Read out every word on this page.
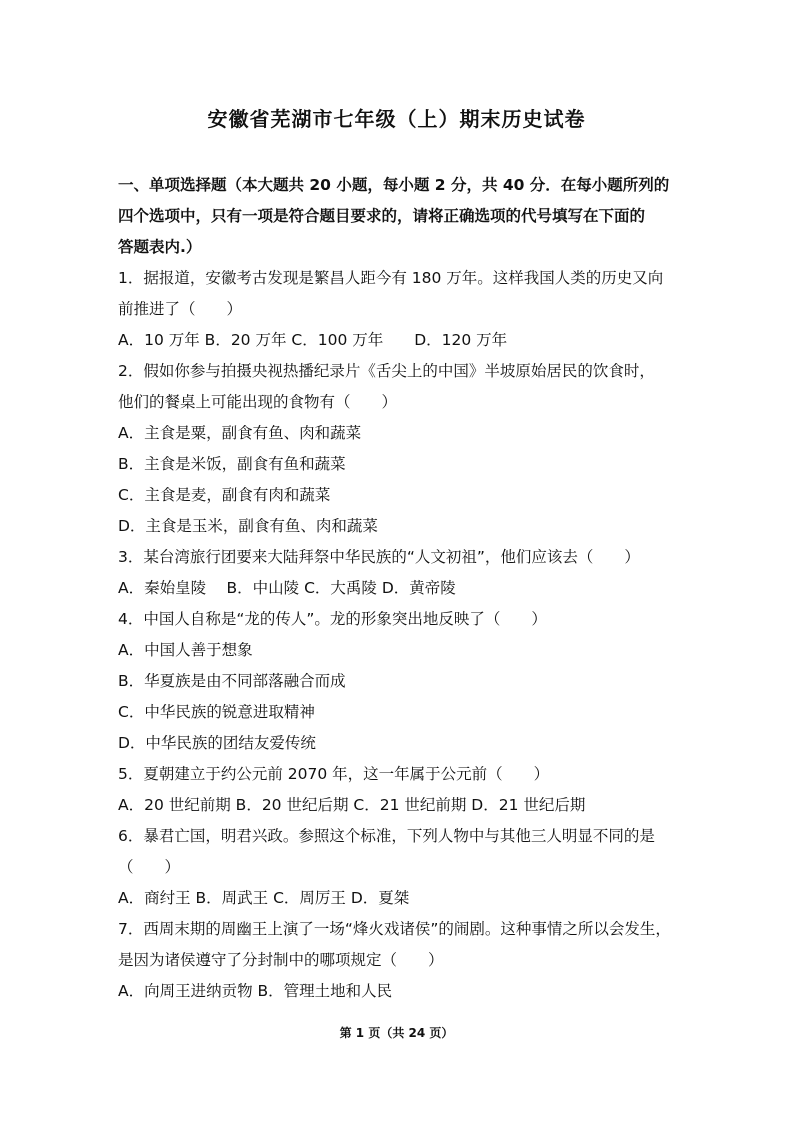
安徽省芜湖市七年级（上）期末历史试卷
一、单项选择题（本大题共 20 小题，每小题 2 分，共 40 分．在每小题所列的
四个选项中，只有一项是符合题目要求的，请将正确选项的代号填写在下面的
答题表内.）
1．据报道，安徽考古发现是繁昌人距今有 180 万年。这样我国人类的历史又向
前推进了（　　）
A．10 万年 B．20 万年 C．100 万年　　D．120 万年
2．假如你参与拍摄央视热播纪录片《舌尖上的中国》半坡原始居民的饮食时，
他们的餐桌上可能出现的食物有（　　）
A．主食是粟，副食有鱼、肉和蔬菜
B．主食是米饭，副食有鱼和蔬菜
C．主食是麦，副食有肉和蔬菜
D．主食是玉米，副食有鱼、肉和蔬菜
3．某台湾旅行团要来大陆拜祭中华民族的“人文初祖”，他们应该去（　　）
A．秦始皇陵　 B．中山陵 C．大禹陵 D．黄帝陵
4．中国人自称是“龙的传人”。龙的形象突出地反映了（　　）
A．中国人善于想象
B．华夏族是由不同部落融合而成
C．中华民族的锐意进取精神
D．中华民族的团结友爱传统
5．夏朝建立于约公元前 2070 年，这一年属于公元前（　　）
A．20 世纪前期 B．20 世纪后期 C．21 世纪前期 D．21 世纪后期
6．暴君亡国，明君兴政。参照这个标准，下列人物中与其他三人明显不同的是
（　　）
A．商纣王 B．周武王 C．周厉王 D．夏桀
7．西周末期的周幽王上演了一场“烽火戏诸侯”的闹剧。这种事情之所以会发生，
是因为诸侯遵守了分封制中的哪项规定（　　）
A．向周王进纳贡物 B．管理土地和人民
第 1 页（共 24 页）
